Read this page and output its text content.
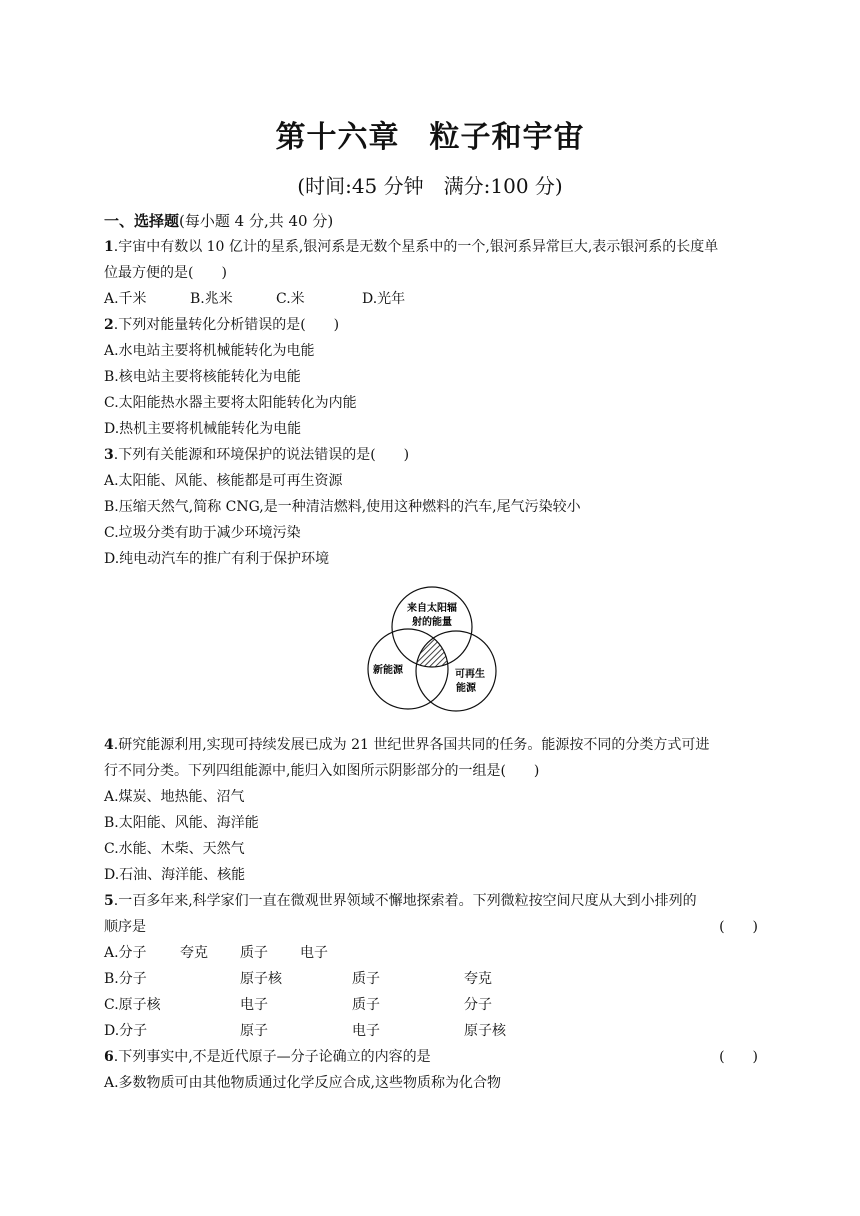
第十六章 粒子和宇宙
(时间:45 分钟 满分:100 分)

一、选择题(每小题 4 分,共 40 分)

1.宇宙中有数以 10 亿计的星系,银河系是无数个星系中的一个,银河系异常巨大,表示银河系的长度单

位最方便的是(　　)

A.千米	B.兆米	C.米	D.光年

2.下列对能量转化分析错误的是(　　)

A.水电站主要将机械能转化为电能

B.核电站主要将核能转化为电能

C.太阳能热水器主要将太阳能转化为内能

D.热机主要将机械能转化为电能

3.下列有关能源和环境保护的说法错误的是(　　)

A.太阳能、风能、核能都是可再生资源

B.压缩天然气,简称 CNG,是一种清洁燃料,使用这种燃料的汽车,尾气污染较小

C.垃圾分类有助于减少环境污染

D.纯电动汽车的推广有利于保护环境

4.研究能源利用,实现可持续发展已成为 21 世纪世界各国共同的任务。能源按不同的分类方式可进

行不同分类。下列四组能源中,能归入如图所示阴影部分的一组是(　　)

A.煤炭、地热能、沼气

B.太阳能、风能、海洋能

C.水能、木柴、天然气

D.石油、海洋能、核能

5.一百多年来,科学家们一直在微观世界领域不懈地探索着。下列微粒按空间尺度从大到小排列的

顺序是	(　　)
A.分子	夸克	质子	电子
B.分子	原子核	质子	夸克
C.原子核	电子	质子	分子
D.分子	原子	电子	原子核
6.下列事实中,不是近代原子—分子论确立的内容的是	(　　)

A.多数物质可由其他物质通过化学反应合成,这些物质称为化合物

来自太阳辐
射的能量
新能源	可再生
能源
